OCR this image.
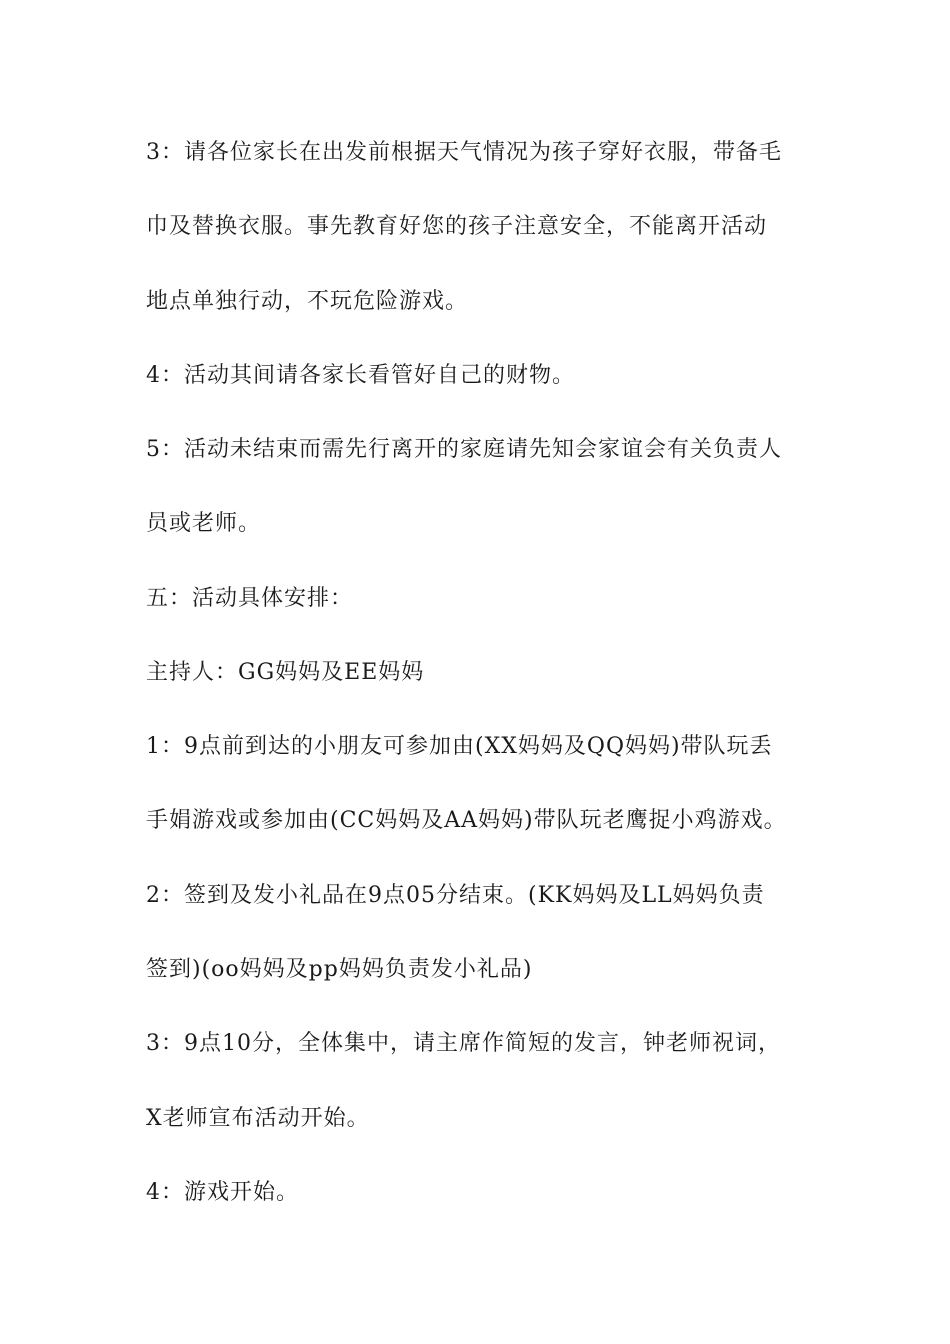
3：请各位家长在出发前根据天气情况为孩子穿好衣服，带备毛
巾及替换衣服。事先教育好您的孩子注意安全，不能离开活动
地点单独行动，不玩危险游戏。
4：活动其间请各家长看管好自己的财物。
5：活动未结束而需先行离开的家庭请先知会家谊会有关负责人
员或老师。
五：活动具体安排：
主持人：GG妈妈及EE妈妈
1：9点前到达的小朋友可参加由(XX妈妈及QQ妈妈)带队玩丢
手娟游戏或参加由(CC妈妈及AA妈妈)带队玩老鹰捉小鸡游戏。
2：签到及发小礼品在9点05分结束。(KK妈妈及LL妈妈负责
签到)(oo妈妈及pp妈妈负责发小礼品)
3：9点10分，全体集中，请主席作简短的发言，钟老师祝词，
X老师宣布活动开始。
4：游戏开始。
